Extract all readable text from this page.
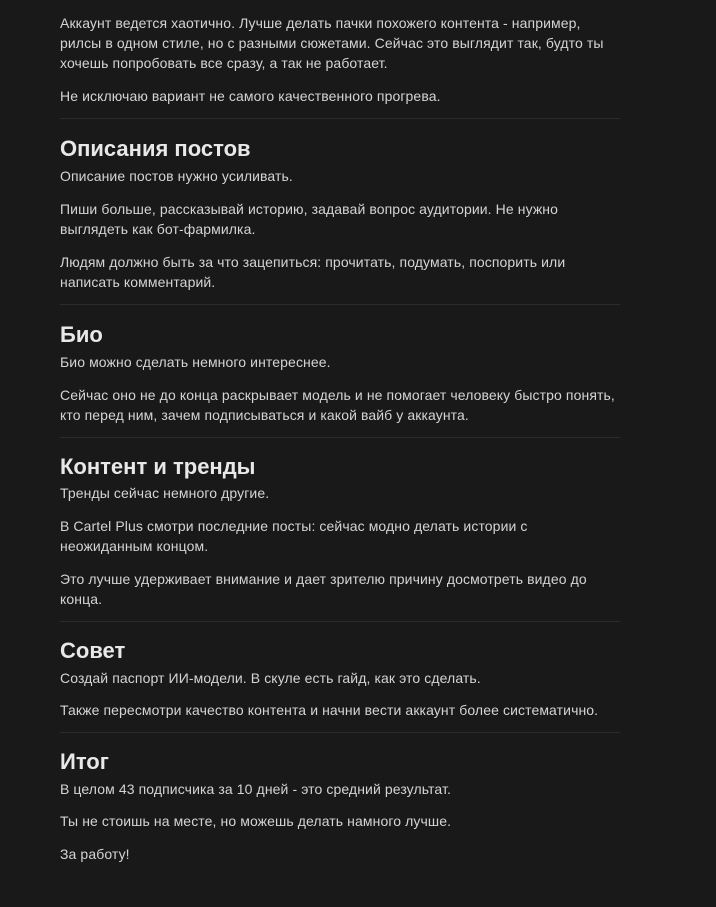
Аккаунт ведется хаотично. Лучше делать пачки похожего контента - например, рилсы в одном стиле, но с разными сюжетами. Сейчас это выглядит так, будто ты хочешь попробовать все сразу, а так не работает.

Не исключаю вариант не самого качественного прогрева.

Описания постов

Описание постов нужно усиливать.

Пиши больше, рассказывай историю, задавай вопрос аудитории. Не нужно выглядеть как бот-фармилка.

Людям должно быть за что зацепиться: прочитать, подумать, поспорить или написать комментарий.

Био

Био можно сделать немного интереснее.

Сейчас оно не до конца раскрывает модель и не помогает человеку быстро понять, кто перед ним, зачем подписываться и какой вайб у аккаунта.

Контент и тренды

Тренды сейчас немного другие.

В Cartel Plus смотри последние посты: сейчас модно делать истории с неожиданным концом.

Это лучше удерживает внимание и дает зрителю причину досмотреть видео до конца.

Совет

Создай паспорт ИИ-модели. В скуле есть гайд, как это сделать.

Также пересмотри качество контента и начни вести аккаунт более систематично.

Итог

В целом 43 подписчика за 10 дней - это средний результат.

Ты не стоишь на месте, но можешь делать намного лучше.

За работу!
